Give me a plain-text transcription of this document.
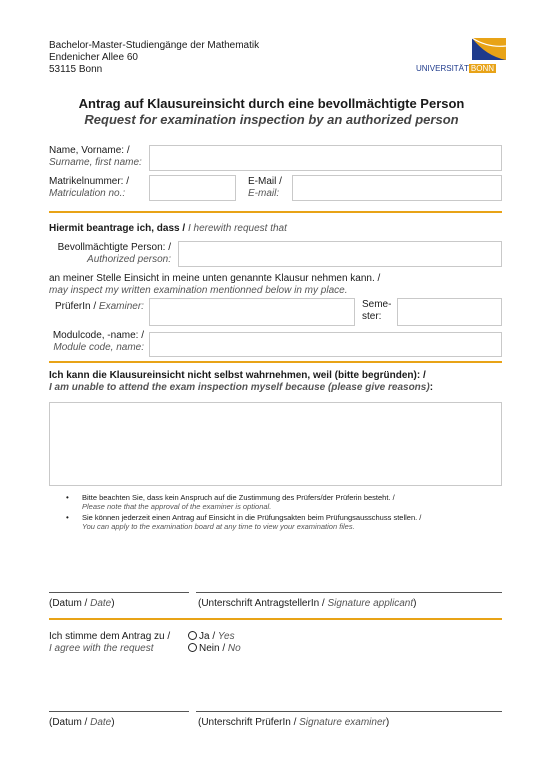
Bachelor-Master-Studiengänge der Mathematik
Endenicher Allee 60
53115 Bonn	UNIVERSITÄT BONN
Antrag auf Klausureinsicht durch eine bevollmächtigte Person
Request for examination inspection by an authorized person
Name, Vorname: /
Surname, first name:
Matrikelnummer: /
Matriculation no.:
E-Mail /
E-mail:
Hiermit beantrage ich, dass / I herewith request that
Bevollmächtigte Person: /
Authorized person:
an meiner Stelle Einsicht in meine unten genannte Klausur nehmen kann. /
may inspect my written examination mentionned below in my place.
PrüferIn / Examiner:	Seme-
ster:
Modulcode, -name: /
Module code, name:
Ich kann die Klausureinsicht nicht selbst wahrnehmen, weil (bitte begründen): /
I am unable to attend the exam inspection myself because (please give reasons):
• Bitte beachten Sie, dass kein Anspruch auf die Zustimmung des Prüfers/der Prüferin besteht. /
Please note that the approval of the examiner is optional.
• Sie können jederzeit einen Antrag auf Einsicht in die Prüfungsakten beim Prüfungsausschuss stellen. /
You can apply to the examination board at any time to view your examination files.
(Datum / Date)	(Unterschrift AntragstellerIn / Signature applicant)
Ich stimme dem Antrag zu /
I agree with the request
Ja / Yes
Nein / No
(Datum / Date)	(Unterschrift PrüferIn / Signature examiner)
